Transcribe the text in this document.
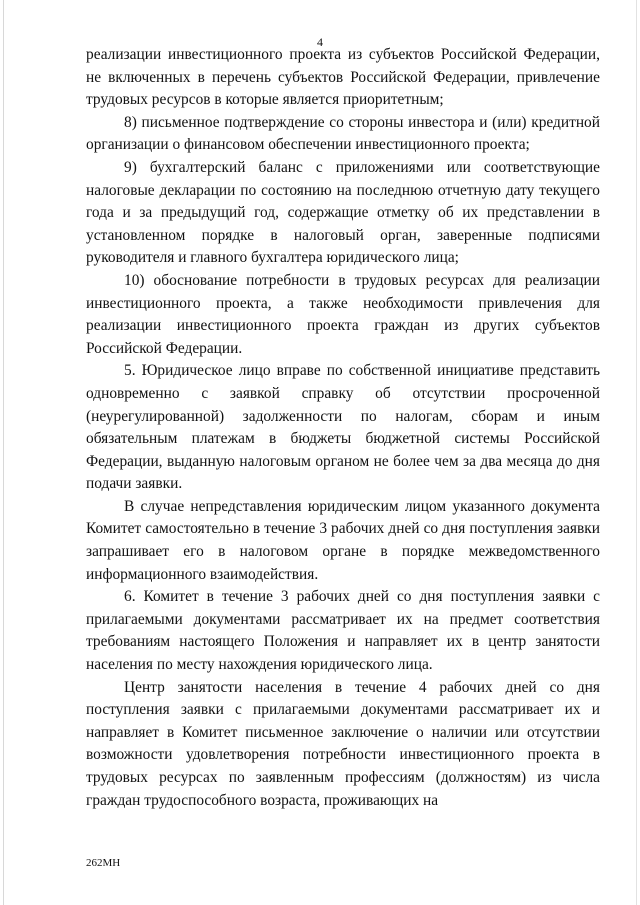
4

реализации инвестиционного проекта из субъектов Российской Федерации, не включенных в перечень субъектов Российской Федерации, привлечение трудовых ресурсов в которые является приоритетным;

8) письменное подтверждение со стороны инвестора и (или) кредитной организации о финансовом обеспечении инвестиционного проекта;

9) бухгалтерский баланс с приложениями или соответствующие налоговые декларации по состоянию на последнюю отчетную дату текущего года и за предыдущий год, содержащие отметку об их представлении в установленном порядке в налоговый орган, заверенные подписями руководителя и главного бухгалтера юридического лица;

10) обоснование потребности в трудовых ресурсах для реализации инвестиционного проекта, а также необходимости привлечения для реализации инвестиционного проекта граждан из других субъектов Российской Федерации.

5. Юридическое лицо вправе по собственной инициативе представить одновременно с заявкой справку об отсутствии просроченной (неурегулированной) задолженности по налогам, сборам и иным обязательным платежам в бюджеты бюджетной системы Российской Федерации, выданную налоговым органом не более чем за два месяца до дня подачи заявки.

В случае непредставления юридическим лицом указанного документа Комитет самостоятельно в течение 3 рабочих дней со дня поступления заявки запрашивает его в налоговом органе в порядке межведомственного информационного взаимодействия.

6. Комитет в течение 3 рабочих дней со дня поступления заявки с прилагаемыми документами рассматривает их на предмет соответствия требованиям настоящего Положения и направляет их в центр занятости населения по месту нахождения юридического лица.

Центр занятости населения в течение 4 рабочих дней со дня поступления заявки с прилагаемыми документами рассматривает их и направляет в Комитет письменное заключение о наличии или отсутствии возможности удовлетворения потребности инвестиционного проекта в трудовых ресурсах по заявленным профессиям (должностям) из числа граждан трудоспособного возраста, проживающих на

262МН
